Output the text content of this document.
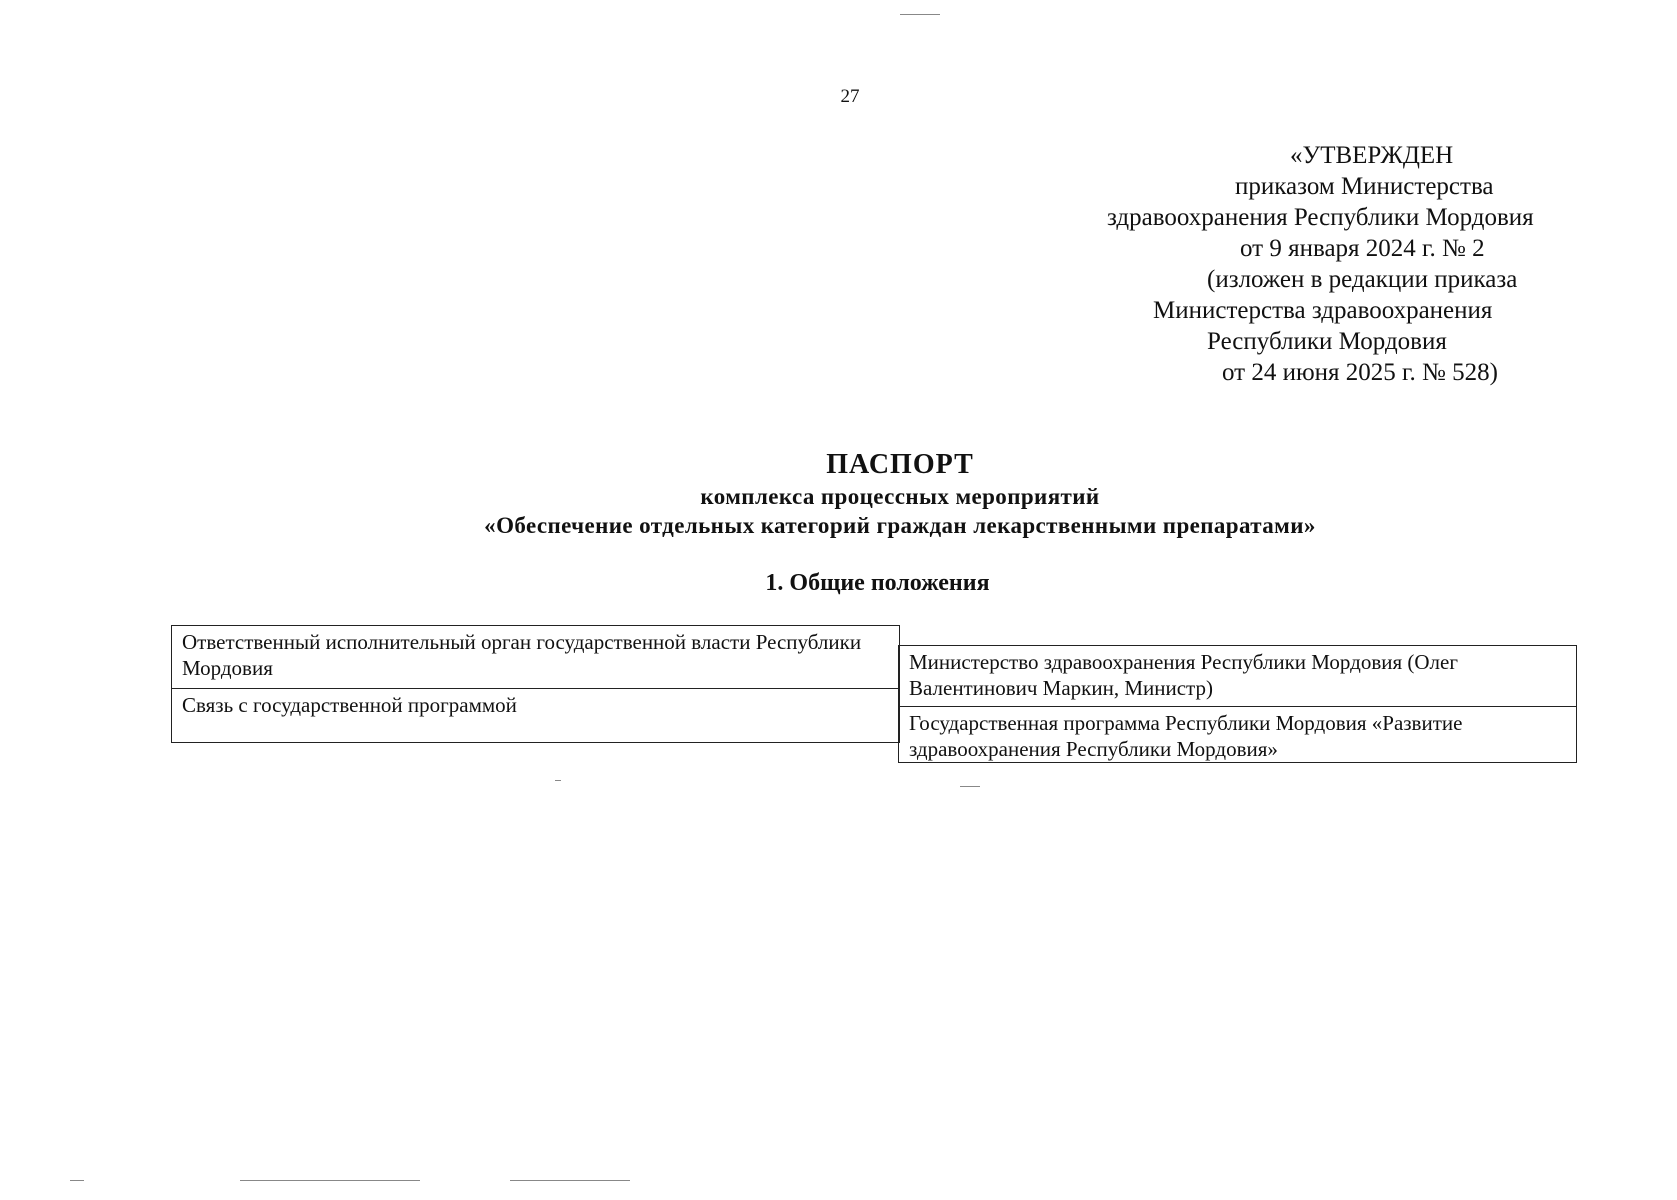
27
«УТВЕРЖДЕН
приказом Министерства
здравоохранения Республики Мордовия
от 9 января 2024 г. № 2
(изложен в редакции приказа
Министерства здравоохранения
Республики Мордовия
от 24 июня 2025 г. № 528)
ПАСПОРТ
комплекса процессных мероприятий
«Обеспечение отдельных категорий граждан лекарственными препаратами»
1. Общие положения
Ответственный исполнительный орган государственной власти Республики Мордовия
Связь с государственной программой
Министерство здравоохранения Республики Мордовия (Олег Валентинович Маркин, Министр)
Государственная программа Республики Мордовия «Развитие здравоохранения Республики Мордовия»
